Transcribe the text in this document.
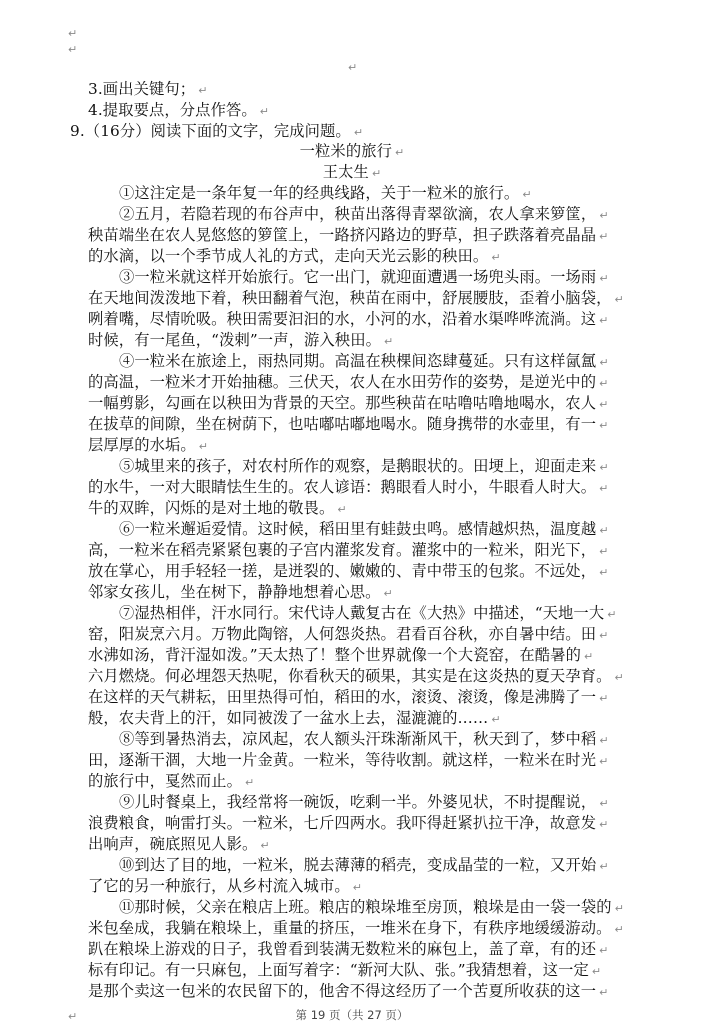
↵
↵
↵
3.画出关键句； ↵
4.提取要点，分点作答。 ↵
9.（16分）阅读下面的文字，完成问题。 ↵
一粒米的旅行 ↵
王太生 ↵
①这注定是一条年复一年的经典线路，关于一粒米的旅行。 ↵
②五月，若隐若现的布谷声中，秧苗出落得青翠欲滴，农人拿来箩筐， ↵
秧苗端坐在农人晃悠悠的箩筐上，一路挤闪路边的野草，担子跌落着亮晶晶 ↵
的水滴，以一个季节成人礼的方式，走向天光云影的秧田。 ↵
③一粒米就这样开始旅行。它一出门，就迎面遭遇一场兜头雨。一场雨 ↵
在天地间泼泼地下着，秧田翻着气泡，秧苗在雨中，舒展腰肢，歪着小脑袋， ↵
咧着嘴，尽情吮吸。秧田需要汩汩的水，小河的水，沿着水渠哗哗流淌。这 ↵
时候，有一尾鱼，“泼剌”一声，游入秧田。 ↵
④一粒米在旅途上，雨热同期。高温在秧棵间恣肆蔓延。只有这样氤氲 ↵
的高温，一粒米才开始抽穗。三伏天，农人在水田劳作的姿势，是逆光中的 ↵
一幅剪影，勾画在以秧田为背景的天空。那些秧苗在咕噜咕噜地喝水，农人 ↵
在拔草的间隙，坐在树荫下，也咕嘟咕嘟地喝水。随身携带的水壶里，有一 ↵
层厚厚的水垢。 ↵
⑤城里来的孩子，对农村所作的观察，是鹅眼状的。田埂上，迎面走来 ↵
的水牛，一对大眼睛怯生生的。农人谚语：鹅眼看人时小，牛眼看人时大。 ↵
牛的双眸，闪烁的是对土地的敬畏。 ↵
⑥一粒米邂逅爱情。这时候，稻田里有蛙鼓虫鸣。感情越炽热，温度越 ↵
高，一粒米在稻壳紧紧包裹的子宫内灌浆发育。灌浆中的一粒米，阳光下， ↵
放在掌心，用手轻轻一搓，是迸裂的、嫩嫩的、青中带玉的包浆。不远处， ↵
邻家女孩儿，坐在树下，静静地想着心思。 ↵
⑦湿热相伴，汗水同行。宋代诗人戴复古在《大热》中描述，“天地一大 ↵
窑，阳炭烹六月。万物此陶镕，人何怨炎热。君看百谷秋，亦自暑中结。田 ↵
水沸如汤，背汗湿如泼。”天太热了！整个世界就像一个大瓷窑，在酷暑的 ↵
六月燃烧。何必埋怨天热呢，你看秋天的硕果，其实是在这炎热的夏天孕育。 ↵
在这样的天气耕耘，田里热得可怕，稻田的水，滚烫、滚烫，像是沸腾了一 ↵
般，农夫背上的汗，如同被泼了一盆水上去，湿漉漉的…… ↵
⑧等到暑热消去，凉风起，农人额头汗珠渐渐风干，秋天到了，梦中稻 ↵
田，逐渐干涸，大地一片金黄。一粒米，等待收割。就这样，一粒米在时光 ↵
的旅行中，戛然而止。 ↵
⑨儿时餐桌上，我经常将一碗饭，吃剩一半。外婆见状，不时提醒说， ↵
浪费粮食，响雷打头。一粒米，七斤四两水。我吓得赶紧扒拉干净，故意发 ↵
出响声，碗底照见人影。 ↵
⑩到达了目的地，一粒米，脱去薄薄的稻壳，变成晶莹的一粒，又开始 ↵
了它的另一种旅行，从乡村流入城市。 ↵
⑪那时候，父亲在粮店上班。粮店的粮垛堆至房顶，粮垛是由一袋一袋的 ↵
米包垒成，我躺在粮垛上，重量的挤压，一堆米在身下，有秩序地缓缓游动。 ↵
趴在粮垛上游戏的日子，我曾看到装满无数粒米的麻包上，盖了章，有的还 ↵
标有印记。有一只麻包，上面写着字：“新河大队、张。”我猜想着，这一定 ↵
是那个卖这一包米的农民留下的，他舍不得这经历了一个苦夏所收获的这一 ↵
第 19 页（共 27 页）
↵
